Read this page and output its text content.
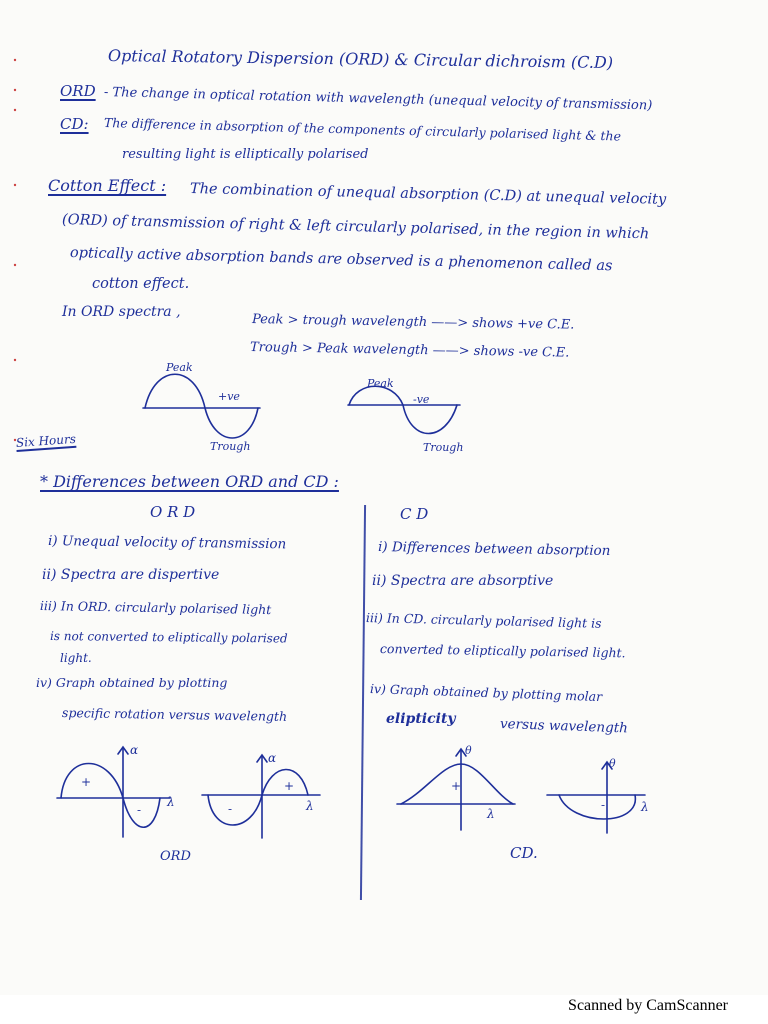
Optical Rotatory Dispersion (ORD) & Circular dichroism (C.D)
ORD - The change in optical rotation with wavelength (unequal velocity of transmission)
CD: The difference in absorption of the components of circularly polarised light & the
resulting light is elliptically polarised
Cotton Effect : The combination of unequal absorption (C.D) at unequal velocity
(ORD) of transmission of right & left circularly polarised, in the region in which
optically active absorption bands are observed is a phenomenon called as
cotton effect.
In ORD spectra ,
Peak > trough wavelength ——> shows +ve C.E.
Trough > Peak wavelength ——> shows -ve C.E.
Peak
+ve
Trough
Peak
-ve
Trough
Six Hours
* Differences between ORD and CD :
O R D	C D
i) Unequal velocity of transmission
ii) Spectra are dispertive
iii) In ORD. circularly polarised light
is not converted to eliptically polarised
light.
iv) Graph obtained by plotting
specific rotation versus wavelength
i) Differences between absorption
ii) Spectra are absorptive
iii) In CD. circularly polarised light is
converted to eliptically polarised light.
iv) Graph obtained by plotting molar
elipticity	versus wavelength
α
λ
+
-
α
λ
+
-
ORD
θ
λ
+
θ
λ
-
CD.
Scanned by CamScanner
